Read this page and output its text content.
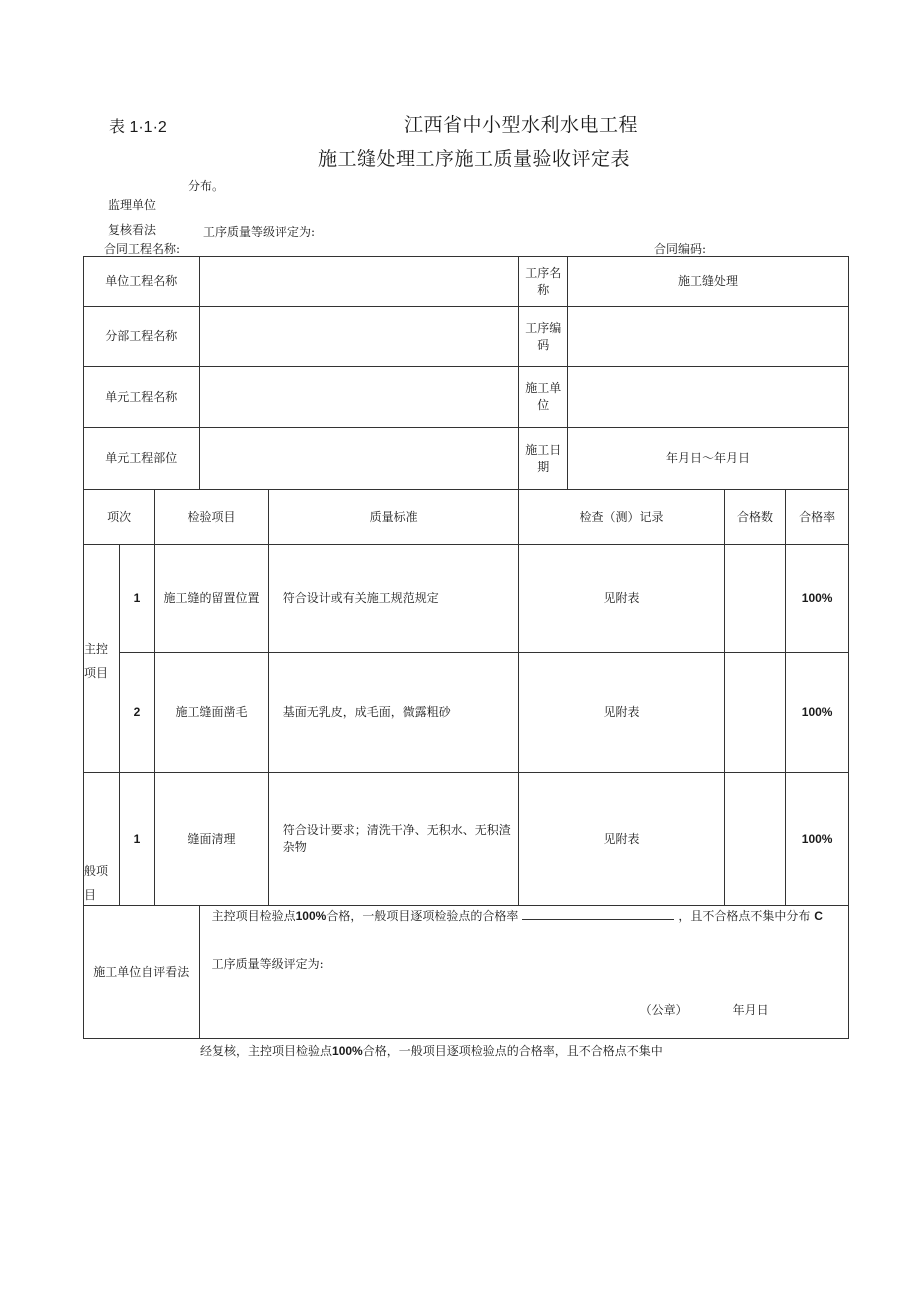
表 1·1·2	江西省中小型水利水电工程
施工缝处理工序施工质量验收评定表
分布。
监理单位
复核看法	工序质量等级评定为:
合同工程名称:	合同编码:
单位工程名称					工序名称	施工缝处理		
分部工程名称					工序编码			
单元工程名称					施工单位			
单元工程部位					施工日期	年月日～年月日		
项次		检验项目		质量标准	检查（测）记录		合格数	合格率

主控
项目	1	施工缝的留置位置		符合设计或有关施工规范规定	见附表			100%
	2	施工缝面凿毛		基面无乳皮，成毛面，微露粗砂	见附表			100%

般项
目	1	缝面清理		符合设计要求；清洗干净、无积水、无积渣杂物	见附表			100%
施工单位自评看法			主控项目检验点100%合格，一般项目逐项检验点的合格率 ，且不合格点不集中分布 C
工序质量等级评定为:
（公章） 年月日					
经复核，主控项目检验点100%合格，一般项目逐项检验点的合格率，且不合格点不集中
